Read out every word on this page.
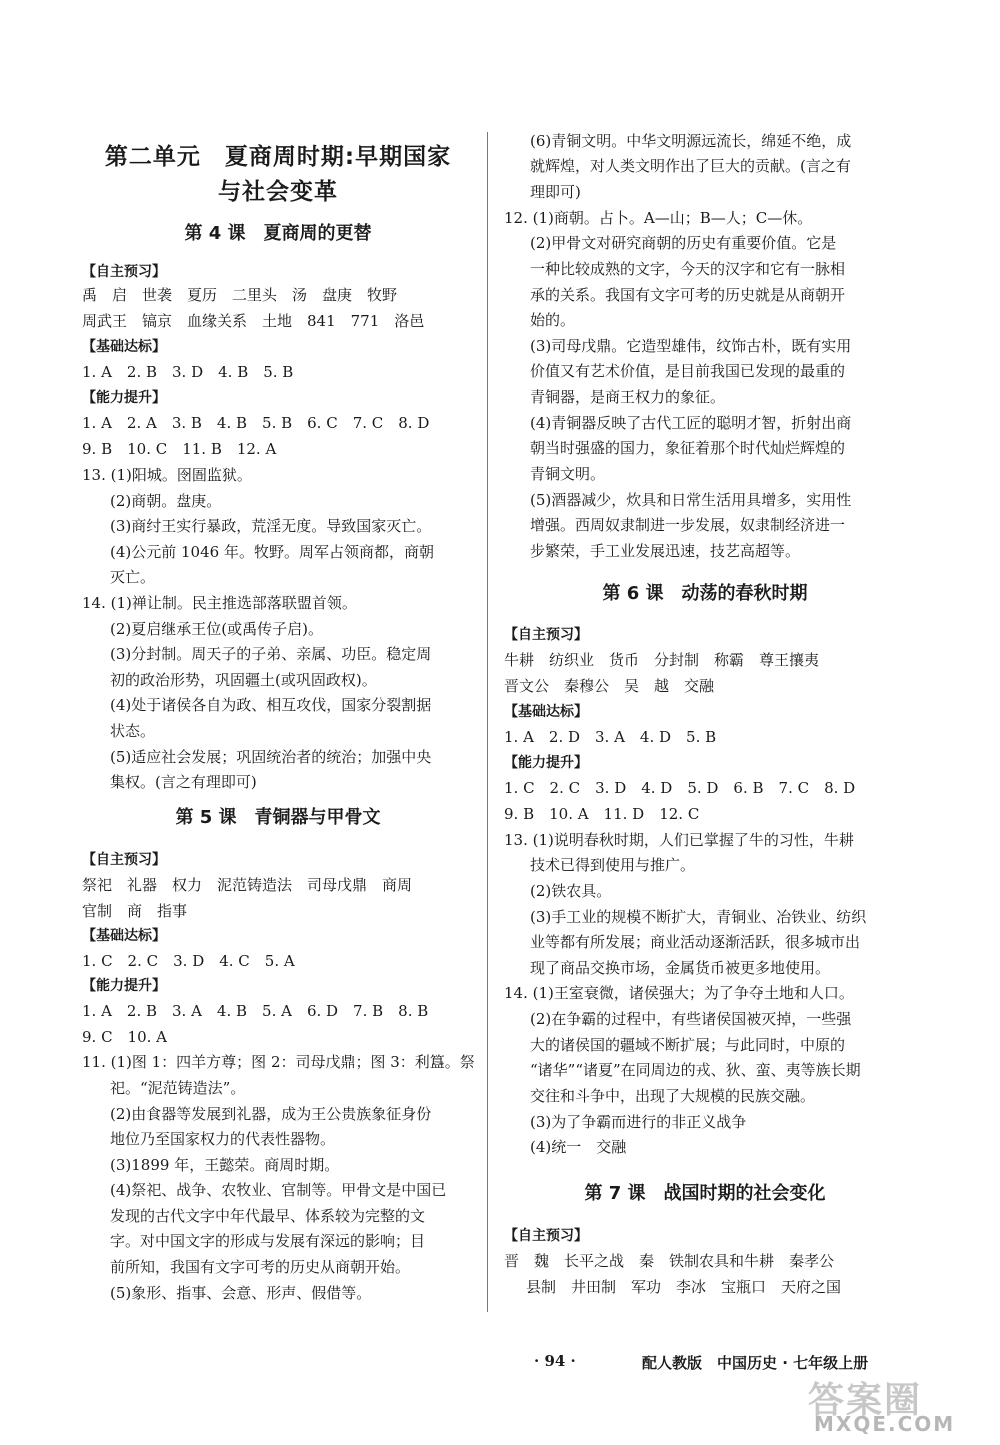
第二单元　夏商周时期:早期国家
与社会变革
第 4 课　夏商周的更替
【自主预习】
禹　启　世袭　夏历　二里头　汤　盘庚　牧野
周武王　镐京　血缘关系　土地　841　771　洛邑
【基础达标】
1. A　2. B　3. D　4. B　5. B
【能力提升】
1. A　2. A　3. B　4. B　5. B　6. C　7. C　8. D
9. B　10. C　11. B　12. A
13. (1)阳城。囹圄监狱。
(2)商朝。盘庚。
(3)商纣王实行暴政，荒淫无度。导致国家灭亡。
(4)公元前 1046 年。牧野。周军占领商都，商朝
灭亡。
14. (1)禅让制。民主推选部落联盟首领。
(2)夏启继承王位(或禹传子启)。
(3)分封制。周天子的子弟、亲属、功臣。稳定周
初的政治形势，巩固疆土(或巩固政权)。
(4)处于诸侯各自为政、相互攻伐，国家分裂割据
状态。
(5)适应社会发展；巩固统治者的统治；加强中央
集权。(言之有理即可)
第 5 课　青铜器与甲骨文
【自主预习】
祭祀　礼器　权力　泥范铸造法　司母戊鼎　商周
官制　商　指事
【基础达标】
1. C　2. C　3. D　4. C　5. A
【能力提升】
1. A　2. B　3. A　4. B　5. A　6. D　7. B　8. B
9. C　10. A
11. (1)图 1：四羊方尊；图 2：司母戊鼎；图 3：利簋。祭
祀。“泥范铸造法”。
(2)由食器等发展到礼器，成为王公贵族象征身份
地位乃至国家权力的代表性器物。
(3)1899 年，王懿荣。商周时期。
(4)祭祀、战争、农牧业、官制等。甲骨文是中国已
发现的古代文字中年代最早、体系较为完整的文
字。对中国文字的形成与发展有深远的影响；目
前所知，我国有文字可考的历史从商朝开始。
(5)象形、指事、会意、形声、假借等。
(6)青铜文明。中华文明源远流长，绵延不绝，成
就辉煌，对人类文明作出了巨大的贡献。(言之有
理即可)
12. (1)商朝。占卜。A—山；B—人；C—休。
(2)甲骨文对研究商朝的历史有重要价值。它是
一种比较成熟的文字，今天的汉字和它有一脉相
承的关系。我国有文字可考的历史就是从商朝开
始的。
(3)司母戊鼎。它造型雄伟，纹饰古朴，既有实用
价值又有艺术价值，是目前我国已发现的最重的
青铜器，是商王权力的象征。
(4)青铜器反映了古代工匠的聪明才智，折射出商
朝当时强盛的国力，象征着那个时代灿烂辉煌的
青铜文明。
(5)酒器减少，炊具和日常生活用具增多，实用性
增强。西周奴隶制进一步发展，奴隶制经济进一
步繁荣，手工业发展迅速，技艺高超等。
第 6 课　动荡的春秋时期
【自主预习】
牛耕　纺织业　货币　分封制　称霸　尊王攘夷
晋文公　秦穆公　吴　越　交融
【基础达标】
1. A　2. D　3. A　4. D　5. B
【能力提升】
1. C　2. C　3. D　4. D　5. D　6. B　7. C　8. D
9. B　10. A　11. D　12. C
13. (1)说明春秋时期，人们已掌握了牛的习性，牛耕
技术已得到使用与推广。
(2)铁农具。
(3)手工业的规模不断扩大，青铜业、冶铁业、纺织
业等都有所发展；商业活动逐渐活跃，很多城市出
现了商品交换市场，金属货币被更多地使用。
14. (1)王室衰微，诸侯强大；为了争夺土地和人口。
(2)在争霸的过程中，有些诸侯国被灭掉，一些强
大的诸侯国的疆域不断扩展；与此同时，中原的
“诸华”“诸夏”在同周边的戎、狄、蛮、夷等族长期
交往和斗争中，出现了大规模的民族交融。
(3)为了争霸而进行的非正义战争
(4)统一　交融
第 7 课　战国时期的社会变化
【自主预习】
晋　魏　长平之战　秦　铁制农具和牛耕　秦孝公
县制　井田制　军功　李冰　宝瓶口　天府之国
· 94 ·	配人教版　中国历史 · 七年级上册
答案圈
MXQE.COM
